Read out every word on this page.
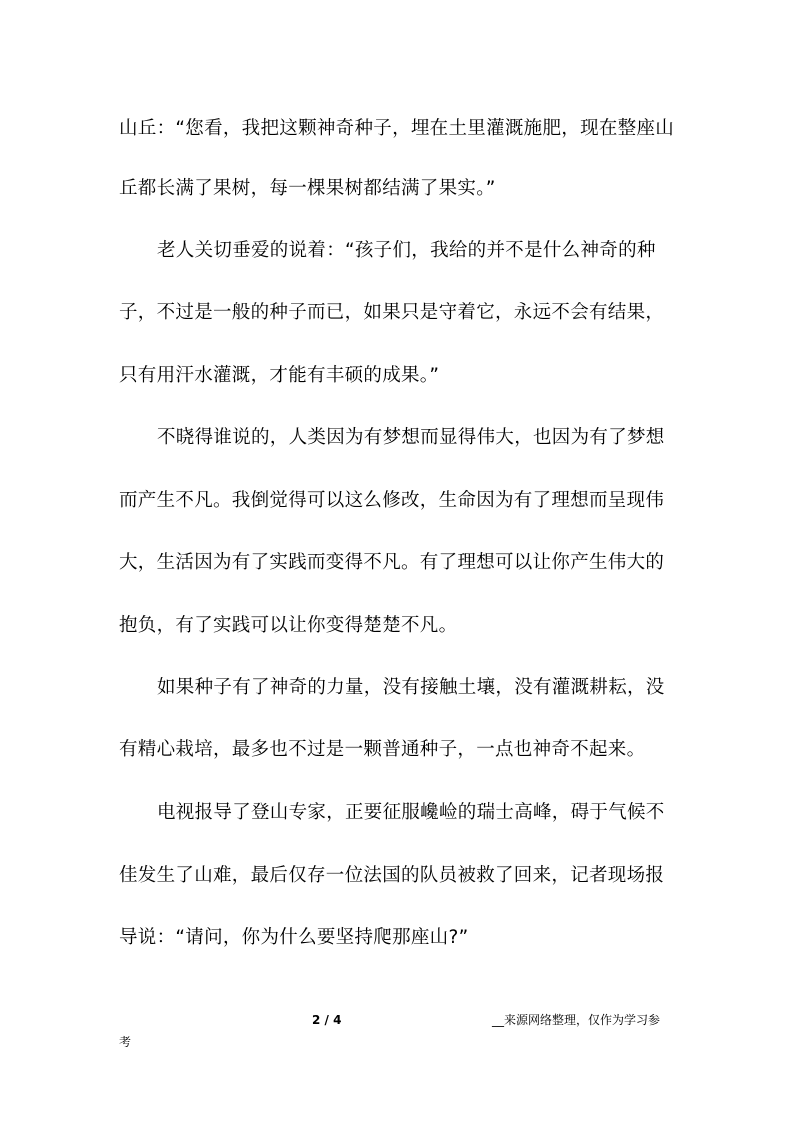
山丘：“您看，我把这颗神奇种子，埋在土里灌溉施肥，现在整座山
丘都长满了果树，每一棵果树都结满了果实。”
老人关切垂爱的说着：“孩子们，我给的并不是什么神奇的种
子，不过是一般的种子而已，如果只是守着它，永远不会有结果，
只有用汗水灌溉，才能有丰硕的成果。”
不晓得谁说的，人类因为有梦想而显得伟大，也因为有了梦想
而产生不凡。我倒觉得可以这么修改，生命因为有了理想而呈现伟
大，生活因为有了实践而变得不凡。有了理想可以让你产生伟大的
抱负，有了实践可以让你变得楚楚不凡。
如果种子有了神奇的力量，没有接触土壤，没有灌溉耕耘，没
有精心栽培，最多也不过是一颗普通种子，一点也神奇不起来。
电视报导了登山专家，正要征服巉崄的瑞士高峰，碍于气候不
佳发生了山难，最后仅存一位法国的队员被救了回来，记者现场报
导说：“请问，你为什么要坚持爬那座山?”
2 / 4	__来源网络整理，仅作为学习参
考
